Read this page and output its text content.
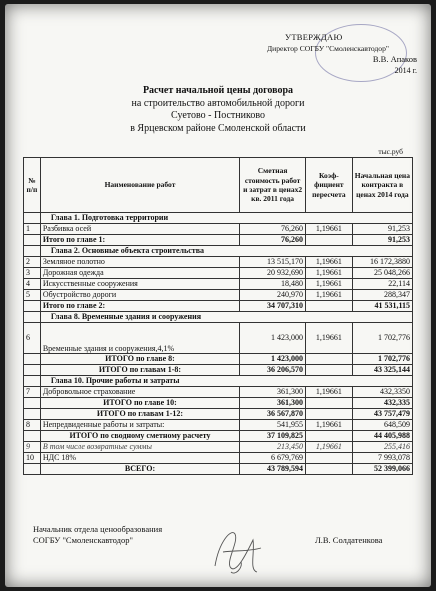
УТВЕРЖДАЮ
Директор СОГБУ "Смоленскавтодор"
В.В. Апаков
2014 г.
Расчет начальной цены договора
на строительство автомобильной дороги
Суетово - Постниково
в Ярцевском районе Смоленской области
тыс.руб
№ п/п	Наименование работ	Сметная стоимость работ и затрат в ценах2 кв. 2011 года	Коэф-фициент пересчета	Начальная цена контракта в ценах 2014 года
	Глава 1. Подготовка территории			
1	Разбивка осей	76,260	1,19661	91,253
	Итого по главе 1:	76,260		91,253
	Глава 2. Основные объекта строительства			
2	Земляное полотно	13 515,170	1,19661	16 172,3880
3	Дорожная одежда	20 932,690	1,19661	25 048,266
4	Искусственные сооружения	18,480	1,19661	22,114
5	Обустройство дороги	240,970	1,19661	288,347
	Итого по главе 2:	34 707,310		41 531,115
	Глава 8. Временные здания и сооружения			
6	Временные здания и сооружения,4,1%	1 423,000	1,19661	1 702,776
	ИТОГО по главе 8:	1 423,000		1 702,776
	ИТОГО по главам 1-8:	36 206,570		43 325,144
	Глава 10. Прочие работы и затраты			
7	Добровольное страхование	361,300	1,19661	432,3350
	ИТОГО по главе 10:	361,300		432,335
	ИТОГО по главам 1-12:	36 567,870		43 757,479
8	Непредвиденные работы и затраты:	541,955	1,19661	648,509
	ИТОГО по сводному сметному расчету	37 109,825		44 405,988
9	В том числе возвратные суммы	213,450	1,19661	255,416
10	НДС 18%	6 679,769		7 993,078
	ВСЕГО:	43 789,594		52 399,066
Начальник отдела ценообразования
СОГБУ "Смоленскавтодор"	Л.В. Солдатенкова
